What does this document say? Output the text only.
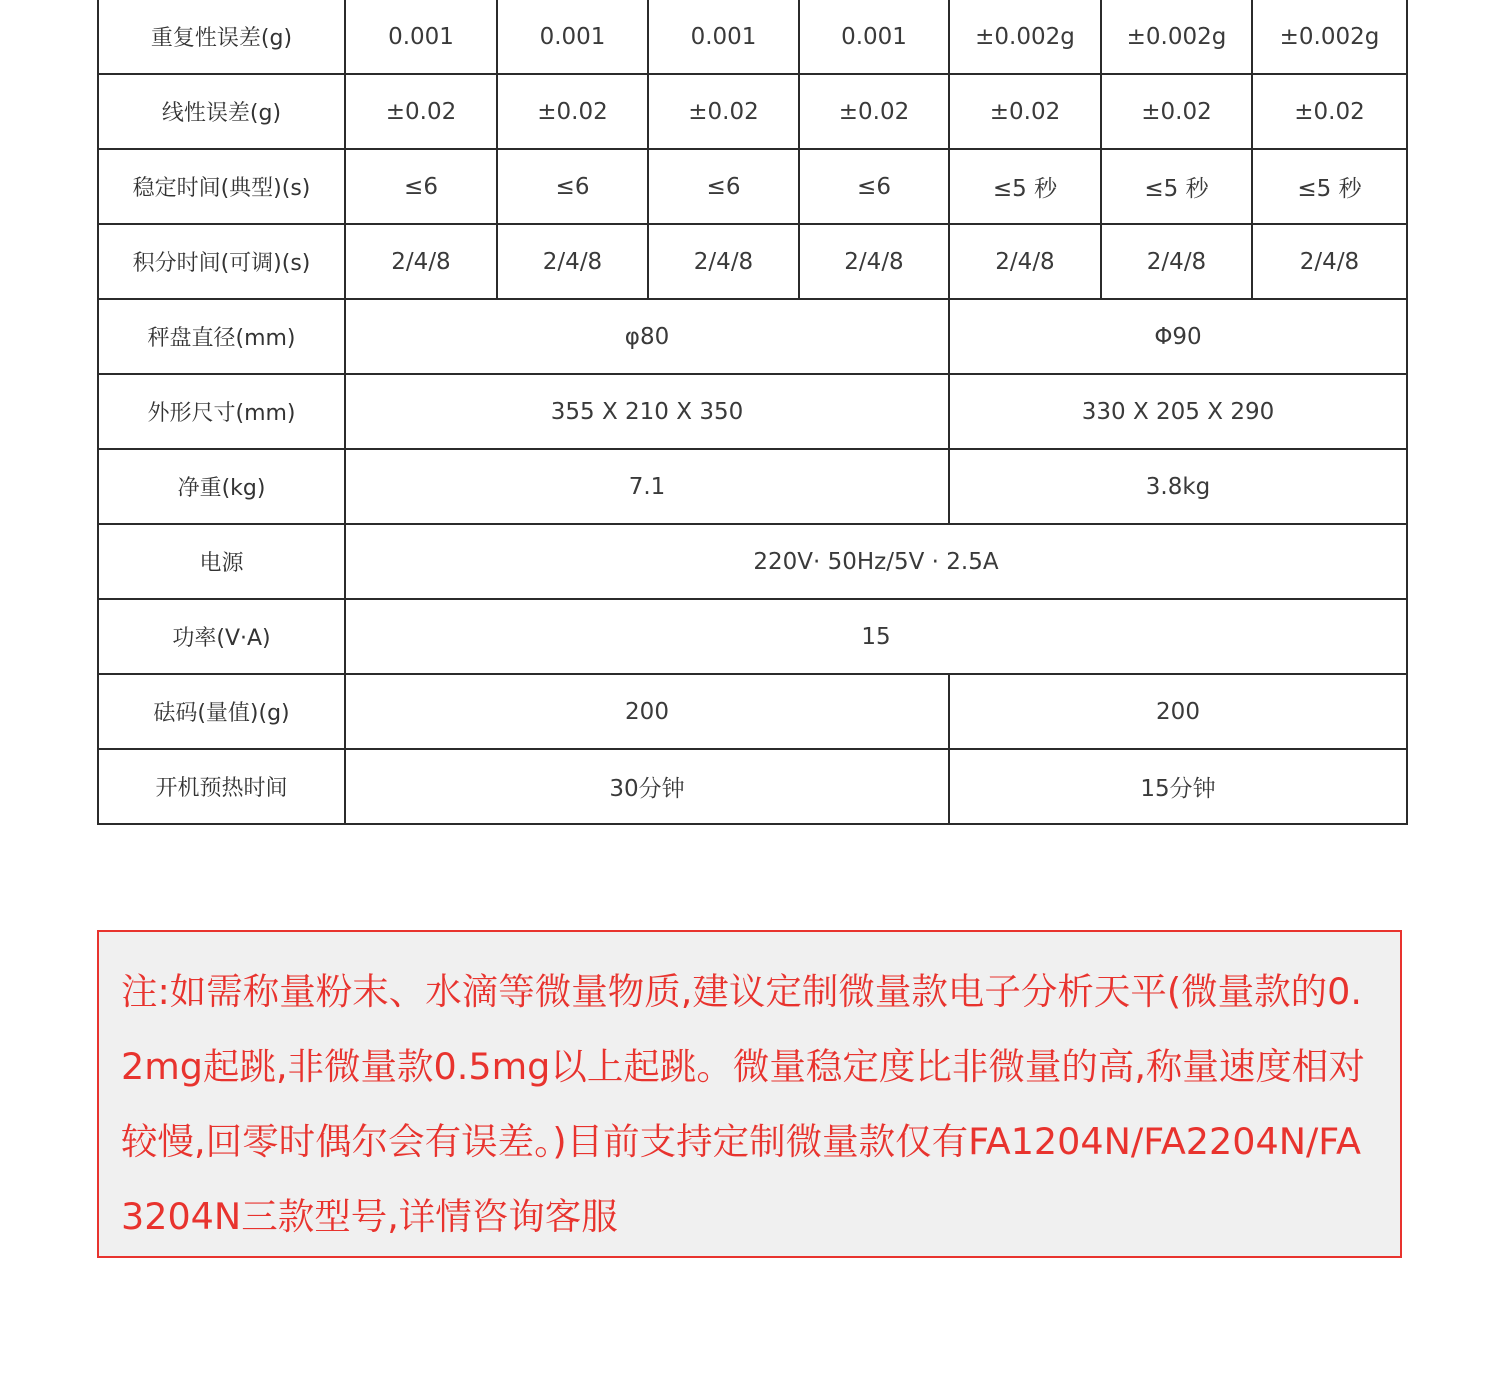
重复性误差(g)	0.001	0.001	0.001	0.001	±0.002g	±0.002g	±0.002g
线性误差(g)	±0.02	±0.02	±0.02	±0.02	±0.02	±0.02	±0.02
稳定时间(典型)(s)	≤6	≤6	≤6	≤6	≤5 秒	≤5 秒	≤5 秒
积分时间(可调)(s)	2/4/8	2/4/8	2/4/8	2/4/8	2/4/8	2/4/8	2/4/8
秤盘直径(mm)	φ80				Φ90		
外形尺寸(mm)	355 X 210 X 350				330 X 205 X 290		
净重(kg)	7.1				3.8kg		
电源	220V· 50Hz/5V · 2.5A						
功率(V·A)	15						
砝码(量值)(g)	200				200		
开机预热时间	30分钟				15分钟		

注:如需称量粉末、水滴等微量物质,建议定制微量款电子分析天平(微量款的0.2mg起跳,非微量款0.5mg以上起跳。微量稳定度比非微量的高,称量速度相对较慢,回零时偶尔会有误差。)目前支持定制微量款仅有FA1204N/FA2204N/FA3204N三款型号,详情咨询客服
